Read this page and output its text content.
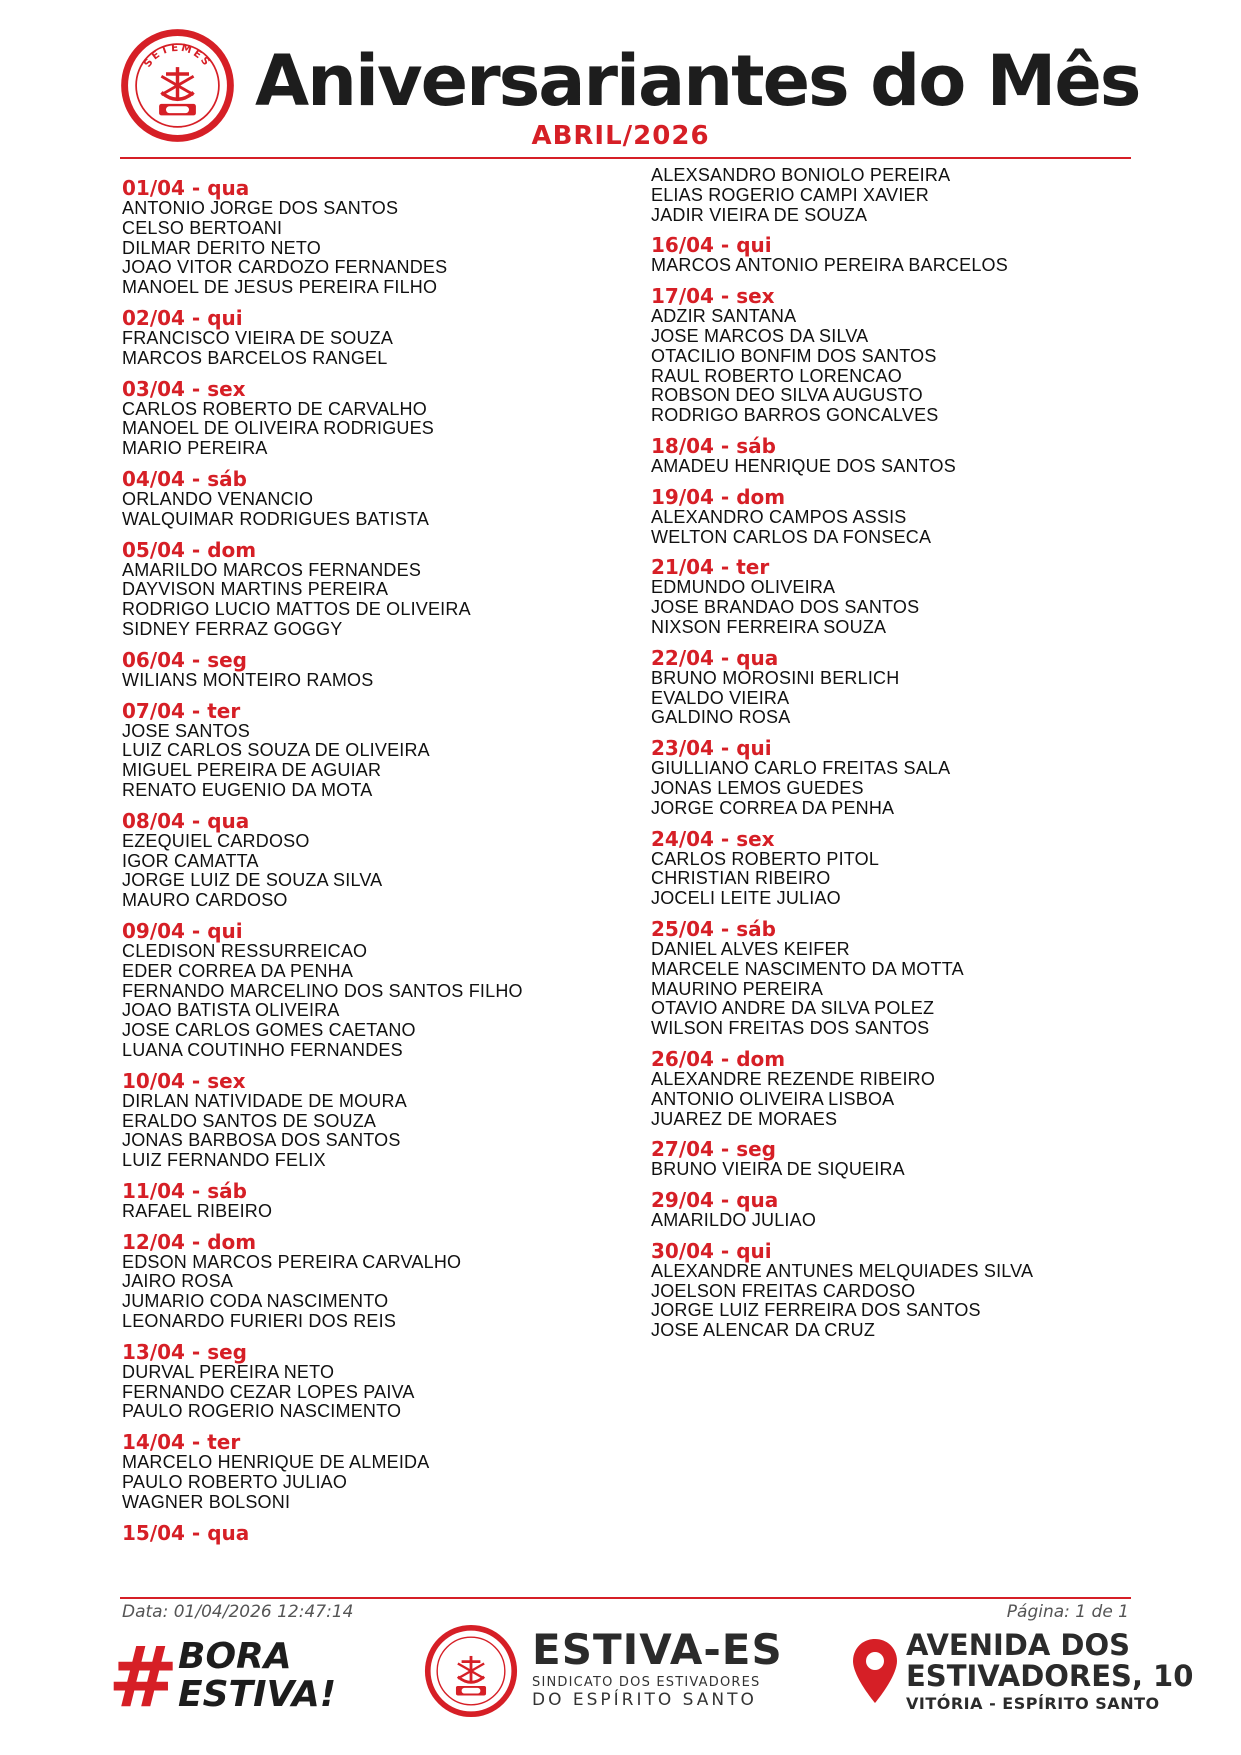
SETEMES Aniversariantes do Mês
ABRIL/2026
01/04 - qua
ANTONIO JORGE DOS SANTOS
CELSO BERTOANI
DILMAR DERITO NETO
JOAO VITOR CARDOZO FERNANDES
MANOEL DE JESUS PEREIRA FILHO
02/04 - qui
FRANCISCO VIEIRA DE SOUZA
MARCOS BARCELOS RANGEL
03/04 - sex
CARLOS ROBERTO DE CARVALHO
MANOEL DE OLIVEIRA RODRIGUES
MARIO PEREIRA
04/04 - sáb
ORLANDO VENANCIO
WALQUIMAR RODRIGUES BATISTA
05/04 - dom
AMARILDO MARCOS FERNANDES
DAYVISON MARTINS PEREIRA
RODRIGO LUCIO MATTOS DE OLIVEIRA
SIDNEY FERRAZ GOGGY
06/04 - seg
WILIANS MONTEIRO RAMOS
07/04 - ter
JOSE SANTOS
LUIZ CARLOS SOUZA DE OLIVEIRA
MIGUEL PEREIRA DE AGUIAR
RENATO EUGENIO DA MOTA
08/04 - qua
EZEQUIEL CARDOSO
IGOR CAMATTA
JORGE LUIZ DE SOUZA SILVA
MAURO CARDOSO
09/04 - qui
CLEDISON RESSURREICAO
EDER CORREA DA PENHA
FERNANDO MARCELINO DOS SANTOS FILHO
JOAO BATISTA OLIVEIRA
JOSE CARLOS GOMES CAETANO
LUANA COUTINHO FERNANDES
10/04 - sex
DIRLAN NATIVIDADE DE MOURA
ERALDO SANTOS DE SOUZA
JONAS BARBOSA DOS SANTOS
LUIZ FERNANDO FELIX
11/04 - sáb
RAFAEL RIBEIRO
12/04 - dom
EDSON MARCOS PEREIRA CARVALHO
JAIRO ROSA
JUMARIO CODA NASCIMENTO
LEONARDO FURIERI DOS REIS
13/04 - seg
DURVAL PEREIRA NETO
FERNANDO CEZAR LOPES PAIVA
PAULO ROGERIO NASCIMENTO
14/04 - ter
MARCELO HENRIQUE DE ALMEIDA
PAULO ROBERTO JULIAO
WAGNER BOLSONI
15/04 - qua
ALEXSANDRO BONIOLO PEREIRA
ELIAS ROGERIO CAMPI XAVIER
JADIR VIEIRA DE SOUZA
16/04 - qui
MARCOS ANTONIO PEREIRA BARCELOS
17/04 - sex
ADZIR SANTANA
JOSE MARCOS DA SILVA
OTACILIO BONFIM DOS SANTOS
RAUL ROBERTO LORENCAO
ROBSON DEO SILVA AUGUSTO
RODRIGO BARROS GONCALVES
18/04 - sáb
AMADEU HENRIQUE DOS SANTOS
19/04 - dom
ALEXANDRO CAMPOS ASSIS
WELTON CARLOS DA FONSECA
21/04 - ter
EDMUNDO OLIVEIRA
JOSE BRANDAO DOS SANTOS
NIXSON FERREIRA SOUZA
22/04 - qua
BRUNO MOROSINI BERLICH
EVALDO VIEIRA
GALDINO ROSA
23/04 - qui
GIULLIANO CARLO FREITAS SALA
JONAS LEMOS GUEDES
JORGE CORREA DA PENHA
24/04 - sex
CARLOS ROBERTO PITOL
CHRISTIAN RIBEIRO
JOCELI LEITE JULIAO
25/04 - sáb
DANIEL ALVES KEIFER
MARCELE NASCIMENTO DA MOTTA
MAURINO PEREIRA
OTAVIO ANDRE DA SILVA POLEZ
WILSON FREITAS DOS SANTOS
26/04 - dom
ALEXANDRE REZENDE RIBEIRO
ANTONIO OLIVEIRA LISBOA
JUAREZ DE MORAES
27/04 - seg
BRUNO VIEIRA DE SIQUEIRA
29/04 - qua
AMARILDO JULIAO
30/04 - qui
ALEXANDRE ANTUNES MELQUIADES SILVA
JOELSON FREITAS CARDOSO
JORGE LUIZ FERREIRA DOS SANTOS
JOSE ALENCAR DA CRUZ
Data: 01/04/2026 12:47:14	Página: 1 de 1
# BORA
ESTIVA!
ESTIVA-ES
SINDICATO DOS ESTIVADORES
DO ESPÍRITO SANTO
AVENIDA DOS
ESTIVADORES, 10
VITÓRIA - ESPÍRITO SANTO
